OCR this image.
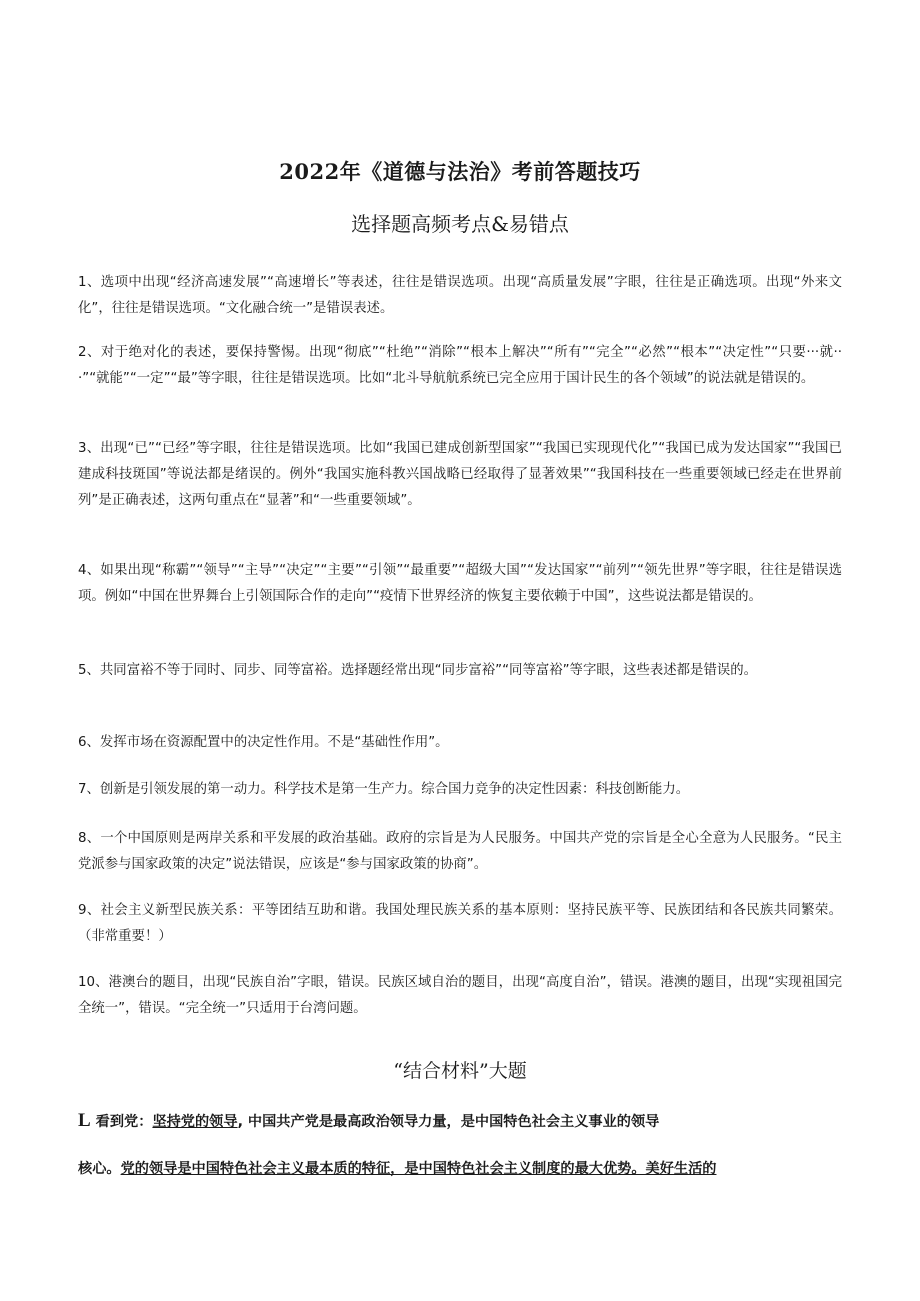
2022年《道德与法治》考前答题技巧
选择题高频考点&易错点
1、选项中出现“经济高速发展”“高速增长”等表述，往往是错误选项。出现“高质量发展”字眼，往往是正确选项。出现“外来文化”，往往是错误选项。“文化融合统一”是错误表述。
2、对于绝对化的表述，要保持警惕。出现“彻底”“杜绝”“消除”“根本上解决”“所有”“完全”“必然”“根本”“决定性”“只要···就···”“就能”“一定”“最”等字眼，往往是错误选项。比如“北斗导航航系统已完全应用于国计民生的各个领域”的说法就是错误的。
3、出现“已”“已经”等字眼，往往是错误选项。比如“我国已建成创新型国家”“我国已实现现代化”“我国已成为发达国家”“我国已建成科技斑国”等说法都是绪误的。例外“我国实施科教兴国战略已经取得了显著效果”“我国科技在一些重要领域已经走在世界前列”是正确表述，这两句重点在“显著”和“一些重要领域”。
4、如果出现“称霸”“领导”“主导”“决定”“主要”“引领”“最重要”“超级大国”“发达国家”“前列”“领先世界”等字眼，往往是错误选项。例如“中国在世界舞台上引领国际合作的走向”“疫情下世界经济的恢复主要依赖于中国”，这些说法都是错误的。
5、共同富裕不等于同时、同步、同等富裕。选择题经常出现“同步富裕”“同等富裕”等字眼，这些表述都是错误的。
6、发挥市场在资源配置中的决定性作用。不是“基础性作用”。
7、创新是引领发展的第一动力。科学技术是第一生产力。综合国力竞争的决定性因素：科技创断能力。
8、一个中国原则是两岸关系和平发展的政治基础。政府的宗旨是为人民服务。中国共产党的宗旨是全心全意为人民服务。“民主党派参与国家政策的决定”说法错误，应该是“参与国家政策的协商”。
9、社会主义新型民族关系：平等团结互助和谐。我国处理民族关系的基本原则：坚持民族平等、民族团结和各民族共同繁荣。（非常重要！）
10、港澳台的题目，出现“民族自治”字眼，错误。民族区域自治的题目，出现“高度自治”，错误。港澳的题目，出现“实现祖国完全统一”，错误。“完全统一”只适用于台湾问题。
“结合材料”大题
L 看到党：坚持党的领导, 中国共产党是最高政治领导力量，是中国特色社会主义事业的领导
核心。党的领导是中国特色社会主义最本质的特征，是中国特色社会主义制度的最大优势。美好生活的
